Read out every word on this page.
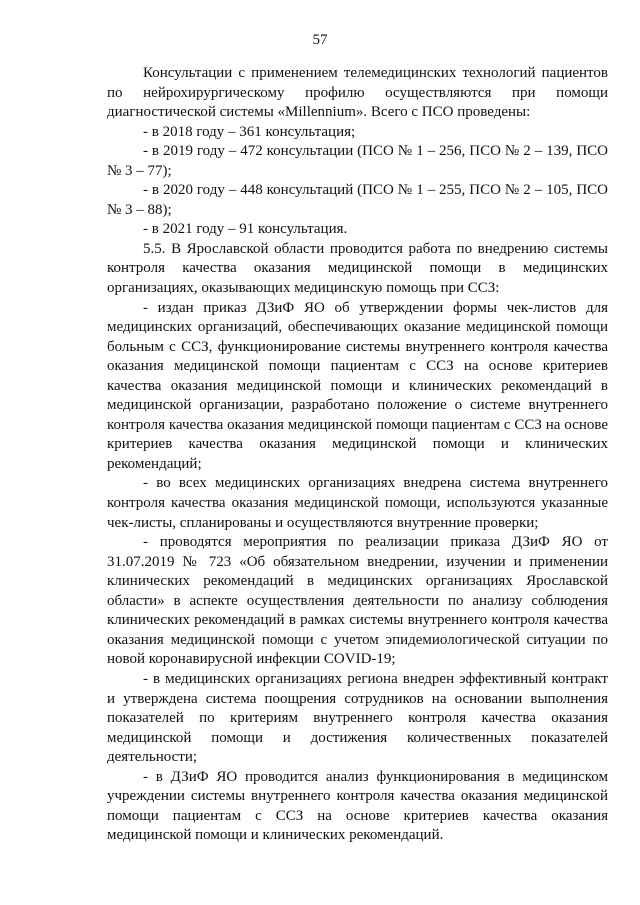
57

Консультации с применением телемедицинских технологий пациентов по нейрохирургическому профилю осуществляются при помощи диагностической системы «Millennium». Всего с ПСО проведены:

- в 2018 году – 361 консультация;

- в 2019 году – 472 консультации (ПСО № 1 – 256, ПСО № 2 – 139, ПСО № 3 – 77);

- в 2020 году – 448 консультаций (ПСО № 1 – 255, ПСО № 2 – 105, ПСО № 3 – 88);

- в 2021 году – 91 консультация.

5.5. В Ярославской области проводится работа по внедрению системы контроля качества оказания медицинской помощи в медицинских организациях, оказывающих медицинскую помощь при ССЗ:

- издан приказ ДЗиФ ЯО об утверждении формы чек-листов для медицинских организаций, обеспечивающих оказание медицинской помощи больным с ССЗ, функционирование системы внутреннего контроля качества оказания медицинской помощи пациентам с ССЗ на основе критериев качества оказания медицинской помощи и клинических рекомендаций в медицинской организации, разработано положение о системе внутреннего контроля качества оказания медицинской помощи пациентам с ССЗ на основе критериев качества оказания медицинской помощи и клинических рекомендаций;

- во всех медицинских организациях внедрена система внутреннего контроля качества оказания медицинской помощи, используются указанные чек-листы, спланированы и осуществляются внутренние проверки;

- проводятся мероприятия по реализации приказа ДЗиФ ЯО от 31.07.2019 № 723 «Об обязательном внедрении, изучении и применении клинических рекомендаций в медицинских организациях Ярославской области» в аспекте осуществления деятельности по анализу соблюдения клинических рекомендаций в рамках системы внутреннего контроля качества оказания медицинской помощи с учетом эпидемиологической ситуации по новой коронавирусной инфекции COVID-19;

- в медицинских организациях региона внедрен эффективный контракт и утверждена система поощрения сотрудников на основании выполнения показателей по критериям внутреннего контроля качества оказания медицинской помощи и достижения количественных показателей деятельности;

- в ДЗиФ ЯО проводится анализ функционирования в медицинском учреждении системы внутреннего контроля качества оказания медицинской помощи пациентам с ССЗ на основе критериев качества оказания медицинской помощи и клинических рекомендаций.
